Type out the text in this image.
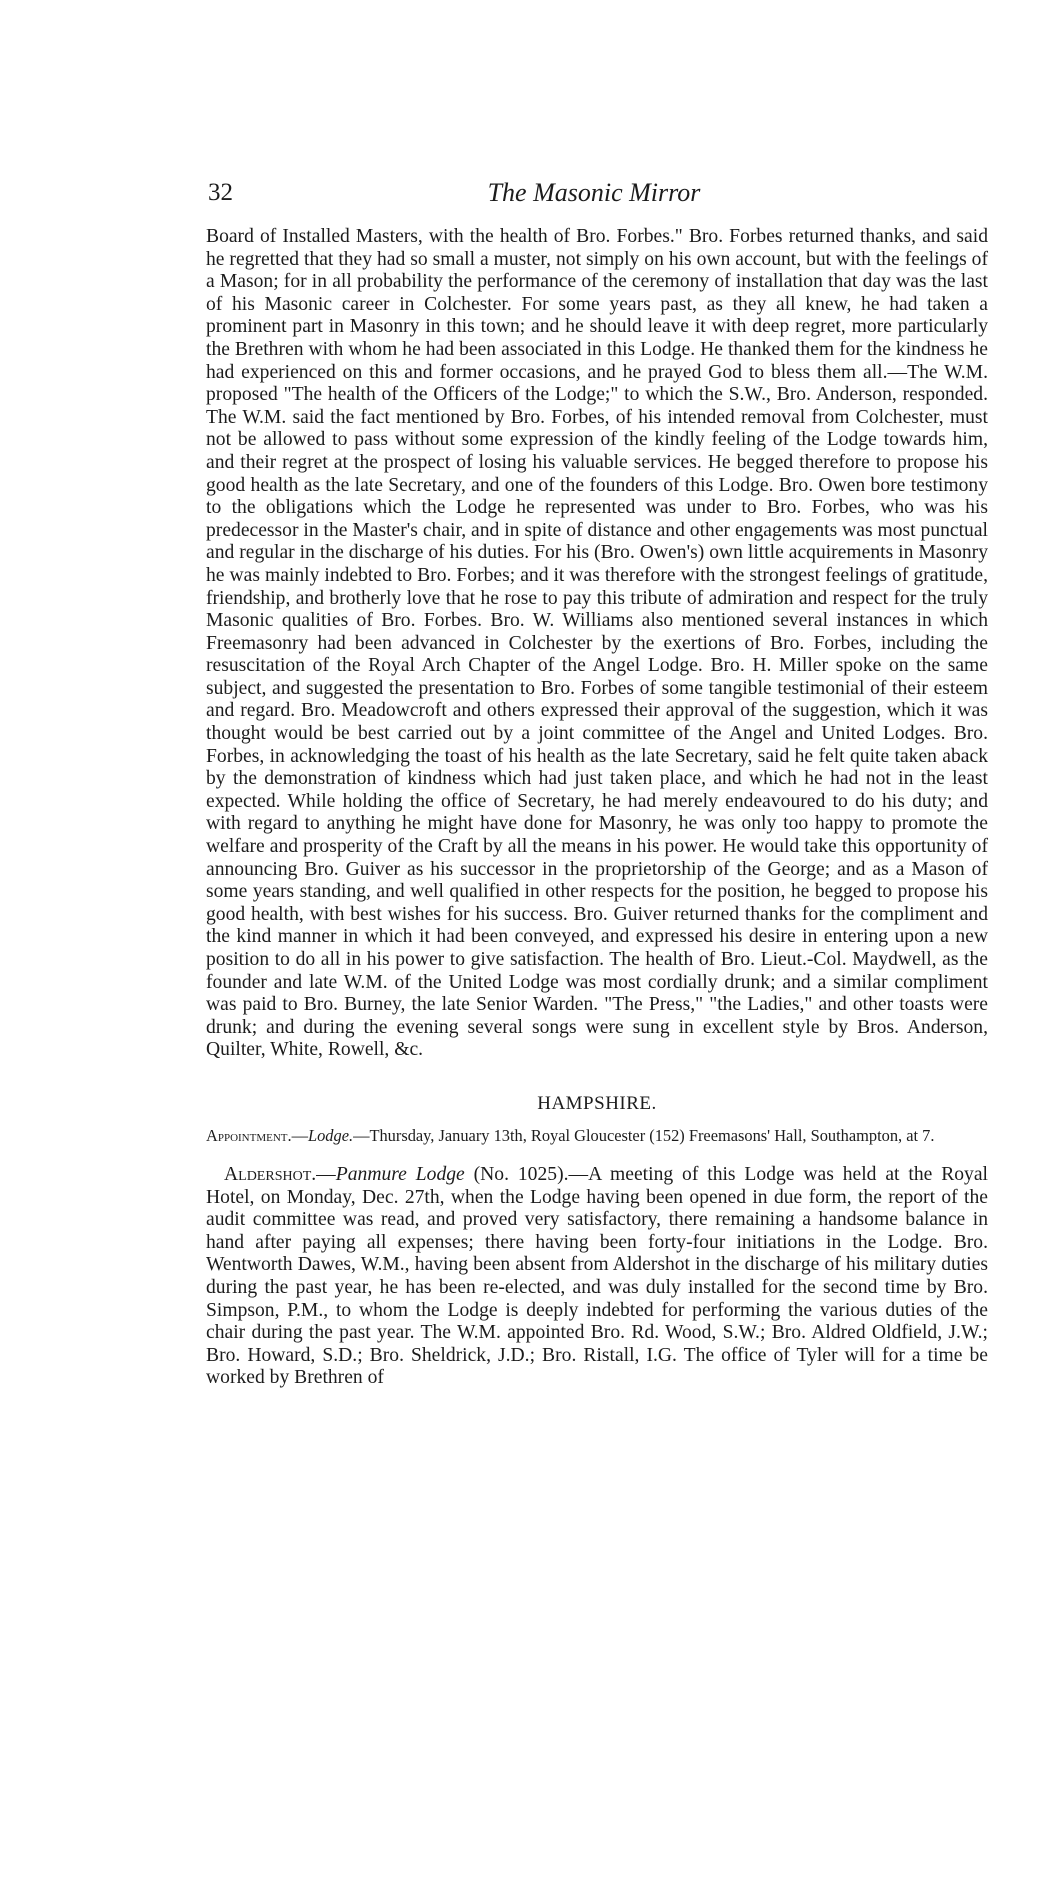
32	The Masonic Mirror

Board of Installed Masters, with the health of Bro. Forbes." Bro. Forbes returned thanks, and said he regretted that they had so small a muster, not simply on his own account, but with the feelings of a Mason; for in all probability the performance of the ceremony of installation that day was the last of his Masonic career in Colchester. For some years past, as they all knew, he had taken a prominent part in Masonry in this town; and he should leave it with deep regret, more particularly the Brethren with whom he had been associated in this Lodge. He thanked them for the kindness he had experienced on this and former occasions, and he prayed God to bless them all.—The W.M. proposed "The health of the Officers of the Lodge;" to which the S.W., Bro. Anderson, responded. The W.M. said the fact mentioned by Bro. Forbes, of his intended removal from Colchester, must not be allowed to pass without some expression of the kindly feeling of the Lodge towards him, and their regret at the prospect of losing his valuable services. He begged therefore to propose his good health as the late Secretary, and one of the founders of this Lodge. Bro. Owen bore testimony to the obligations which the Lodge he represented was under to Bro. Forbes, who was his predecessor in the Master's chair, and in spite of distance and other engagements was most punctual and regular in the discharge of his duties. For his (Bro. Owen's) own little acquirements in Masonry he was mainly indebted to Bro. Forbes; and it was therefore with the strongest feelings of gratitude, friendship, and brotherly love that he rose to pay this tribute of admiration and respect for the truly Masonic qualities of Bro. Forbes. Bro. W. Williams also mentioned several instances in which Freemasonry had been advanced in Colchester by the exertions of Bro. Forbes, including the resuscitation of the Royal Arch Chapter of the Angel Lodge. Bro. H. Miller spoke on the same subject, and suggested the presentation to Bro. Forbes of some tangible testimonial of their esteem and regard. Bro. Meadowcroft and others expressed their approval of the suggestion, which it was thought would be best carried out by a joint committee of the Angel and United Lodges. Bro. Forbes, in acknowledging the toast of his health as the late Secretary, said he felt quite taken aback by the demonstration of kindness which had just taken place, and which he had not in the least expected. While holding the office of Secretary, he had merely endeavoured to do his duty; and with regard to anything he might have done for Masonry, he was only too happy to promote the welfare and prosperity of the Craft by all the means in his power. He would take this opportunity of announcing Bro. Guiver as his successor in the proprietorship of the George; and as a Mason of some years standing, and well qualified in other respects for the position, he begged to propose his good health, with best wishes for his success. Bro. Guiver returned thanks for the compliment and the kind manner in which it had been conveyed, and expressed his desire in entering upon a new position to do all in his power to give satisfaction. The health of Bro. Lieut.-Col. Maydwell, as the founder and late W.M. of the United Lodge was most cordially drunk; and a similar compliment was paid to Bro. Burney, the late Senior Warden. "The Press," "the Ladies," and other toasts were drunk; and during the evening several songs were sung in excellent style by Bros. Anderson, Quilter, White, Rowell, &c.

HAMPSHIRE.

Appointment.—Lodge.—Thursday, January 13th, Royal Gloucester (152) Freemasons' Hall, Southampton, at 7.

Aldershot.—Panmure Lodge (No. 1025).—A meeting of this Lodge was held at the Royal Hotel, on Monday, Dec. 27th, when the Lodge having been opened in due form, the report of the audit committee was read, and proved very satisfactory, there remaining a handsome balance in hand after paying all expenses; there having been forty-four initiations in the Lodge. Bro. Wentworth Dawes, W.M., having been absent from Aldershot in the discharge of his military duties during the past year, he has been re-elected, and was duly installed for the second time by Bro. Simpson, P.M., to whom the Lodge is deeply indebted for performing the various duties of the chair during the past year. The W.M. appointed Bro. Rd. Wood, S.W.; Bro. Aldred Oldfield, J.W.; Bro. Howard, S.D.; Bro. Sheldrick, J.D.; Bro. Ristall, I.G. The office of Tyler will for a time be worked by Brethren of
